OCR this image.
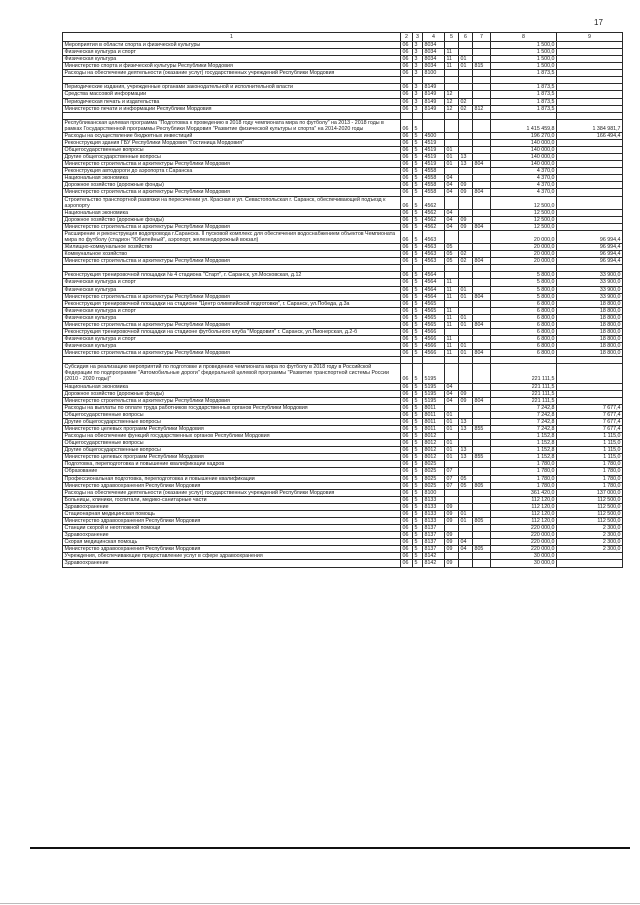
17
1	2	3	4	5	6	7	8	9
Мероприятия в области спорта и физической культуры	06	3	8034				1 500,0	
Физическая культура и спорт	06	3	8034	11			1 500,0	
Физическая культура	06	3	8034	11	01		1 500,0	
Министерство спорта и физической культуры Республики Мордовия	06	3	8034	11	01	815	1 500,0	
Расходы на обеспечение деятельности (оказание услуг) государственных учреждений Республики Мордовия	06	3	8100				1 873,5	

Периодические издания, учрежденные органами законодательной и исполнительной власти	06	3	8149				1 873,5	
Средства массовой информации	06	3	8149	12			1 873,5	
Периодическая печать и издательства	06	3	8149	12	02		1 873,5	
Министерство печати и информации Республики Мордовия	06	3	8149	12	02	812	1 873,5	

Республиканская целевая программа "Подготовка к проведению в 2018 году чемпионата мира по футболу" на 2013 - 2018 годы в рамках Государственной программы Республики Мордовия "Развитие физической культуры и спорта" на 2014-2020 годы	06	5					1 415 459,8	1 384 981,7
Расходы на осуществление бюджетных инвестиций	06	5	4500				196 270,0	166 494,4
Реконструкция здания ГБУ Республики Мордовия "Гостиница Мордовия"	06	5	4519				140 000,0	
Общегосударственные вопросы	06	5	4519	01			140 000,0	
Другие общегосударственные вопросы	06	5	4519	01	13		140 000,0	
Министерство строительства и архитектуры Республики Мордовия	06	5	4519	01	13	804	140 000,0	
Реконструкция автодороги до аэропорта г.Саранска	06	5	4558				4 370,0	
Национальная экономика	06	5	4558	04			4 370,0	
Дорожное хозяйство (дорожные фонды)	06	5	4558	04	09		4 370,0	
Министерство строительства и архитектуры Республики Мордовия	06	5	4558	04	09	804	4 370,0	
Строительство транспортной развязки на пересечении ул. Красная и ул. Севастопольская г. Саранск, обеспечивающей подъезд к аэропорту	06	5	4562				12 500,0	
Национальная экономика	06	5	4562	04			12 500,0	
Дорожное хозяйство (дорожные фонды)	06	5	4562	04	09		12 500,0	
Министерство строительства и архитектуры Республики Мордовия	06	5	4562	04	09	804	12 500,0	
Расширение и реконструкция водопровода г.Саранска. II пусковой комплекс для обеспечения водоснабжением объектов Чемпионата мира по футболу (стадион "Юбилейный", аэропорт, железнодорожный вокзал)	06	5	4563				20 000,0	96 994,4
Жилищно-коммунальное хозяйство	06	5	4563	05			20 000,0	96 994,4
Коммунальное хозяйство	06	5	4563	05	02		20 000,0	96 994,4
Министерство строительства и архитектуры Республики Мордовия	06	5	4563	05	02	804	20 000,0	96 994,4

Реконструкция тренировочной площадки № 4 стадиона "Старт", г. Саранск, ул.Московская, д.12	06	5	4564				5 800,0	33 900,0
Физическая культура и спорт	06	5	4564	11			5 800,0	33 900,0
Физическая культура	06	5	4564	11	01		5 800,0	33 900,0
Министерство строительства и архитектуры Республики Мордовия	06	5	4564	11	01	804	5 800,0	33 900,0
Реконструкция тренировочной площадки на стадионе "Центр олимпийской подготовки", г. Саранск, ул.Победа, д.3а	06	5	4565				6 800,0	18 800,0
Физическая культура и спорт	06	5	4565	11			6 800,0	18 800,0
Физическая культура	06	5	4565	11	01		6 800,0	18 800,0
Министерство строительства и архитектуры Республики Мордовия	06	5	4565	11	01	804	6 800,0	18 800,0
Реконструкция тренировочной площадки на стадионе футбольного клуба "Мордовия" г. Саранск, ул.Пионерская, д.2-б	06	5	4566				6 800,0	18 800,0
Физическая культура и спорт	06	5	4566	11			6 800,0	18 800,0
Физическая культура	06	5	4566	11	01		6 800,0	18 800,0
Министерство строительства и архитектуры Республики Мордовия	06	5	4566	11	01	804	6 800,0	18 800,0

Субсидия на реализацию мероприятий по подготовке и проведению чемпионата мира по футболу в 2018 году в Российской Федерации по подпрограмме "Автомобильные дороги" федеральной целевой программы "Развитие транспортной системы России (2010 - 2020 годы)"	06	5	5195				221 111,5	
Национальная экономика	06	5	5195	04			221 111,5	
Дорожное хозяйство (дорожные фонды)	06	5	5195	04	09		221 111,5	
Министерство строительства и архитектуры Республики Мордовия	06	5	5195	04	09	804	221 111,5	
Расходы на выплаты по оплате труда работников государственных органов Республики Мордовия	06	5	8011				7 242,8	7 677,4
Общегосударственные вопросы	06	5	8011	01			7 242,8	7 677,4
Другие общегосударственные вопросы	06	5	8011	01	13		7 242,8	7 677,4
Министерство целевых программ Республики Мордовия	06	5	8011	01	13	855	7 242,8	7 677,4
Расходы на обеспечение функций государственных органов Республики Мордовия	06	5	8012				1 152,8	1 115,0
Общегосударственные вопросы	06	5	8012	01			1 152,8	1 115,0
Другие общегосударственные вопросы	06	5	8012	01	13		1 152,8	1 115,0
Министерство целевых программ Республики Мордовия	06	5	8012	01	13	855	1 152,8	1 115,0
Подготовка, переподготовка и повышение квалификации кадров	06	5	8025				1 780,0	1 780,0
Образование	06	5	8025	07			1 780,0	1 780,0
Профессиональная подготовка, переподготовка и повышение квалификации	06	5	8025	07	05		1 780,0	1 780,0
Министерство здравоохранения Республики Мордовия	06	5	8025	07	05	805	1 780,0	1 780,0
Расходы на обеспечение деятельности (оказание услуг) государственных учреждений Республики Мордовия	06	5	8100				361 420,0	137 000,0
Больницы, клиники, госпитали, медико-санитарные части	06	5	8133				112 120,0	112 500,0
Здравоохранение	06	5	8133	09			112 120,0	112 500,0
Стационарная медицинская помощь	06	5	8133	09	01		112 120,0	112 500,0
Министерство здравоохранения Республики Мордовия	06	5	8133	09	01	805	112 120,0	112 500,0
Станции скорой и неотложной помощи	06	5	8137				220 000,0	2 300,0
Здравоохранение	06	5	8137	09			220 000,0	2 300,0
Скорая медицинская помощь	06	5	8137	09	04		220 000,0	2 300,0
Министерство здравоохранения Республики Мордовия	06	5	8137	09	04	805	220 000,0	2 300,0
Учреждения, обеспечивающие предоставление услуг в сфере здравоохранения	06	5	8142				30 000,0	
Здравоохранение	06	5	8142	09			30 000,0	
